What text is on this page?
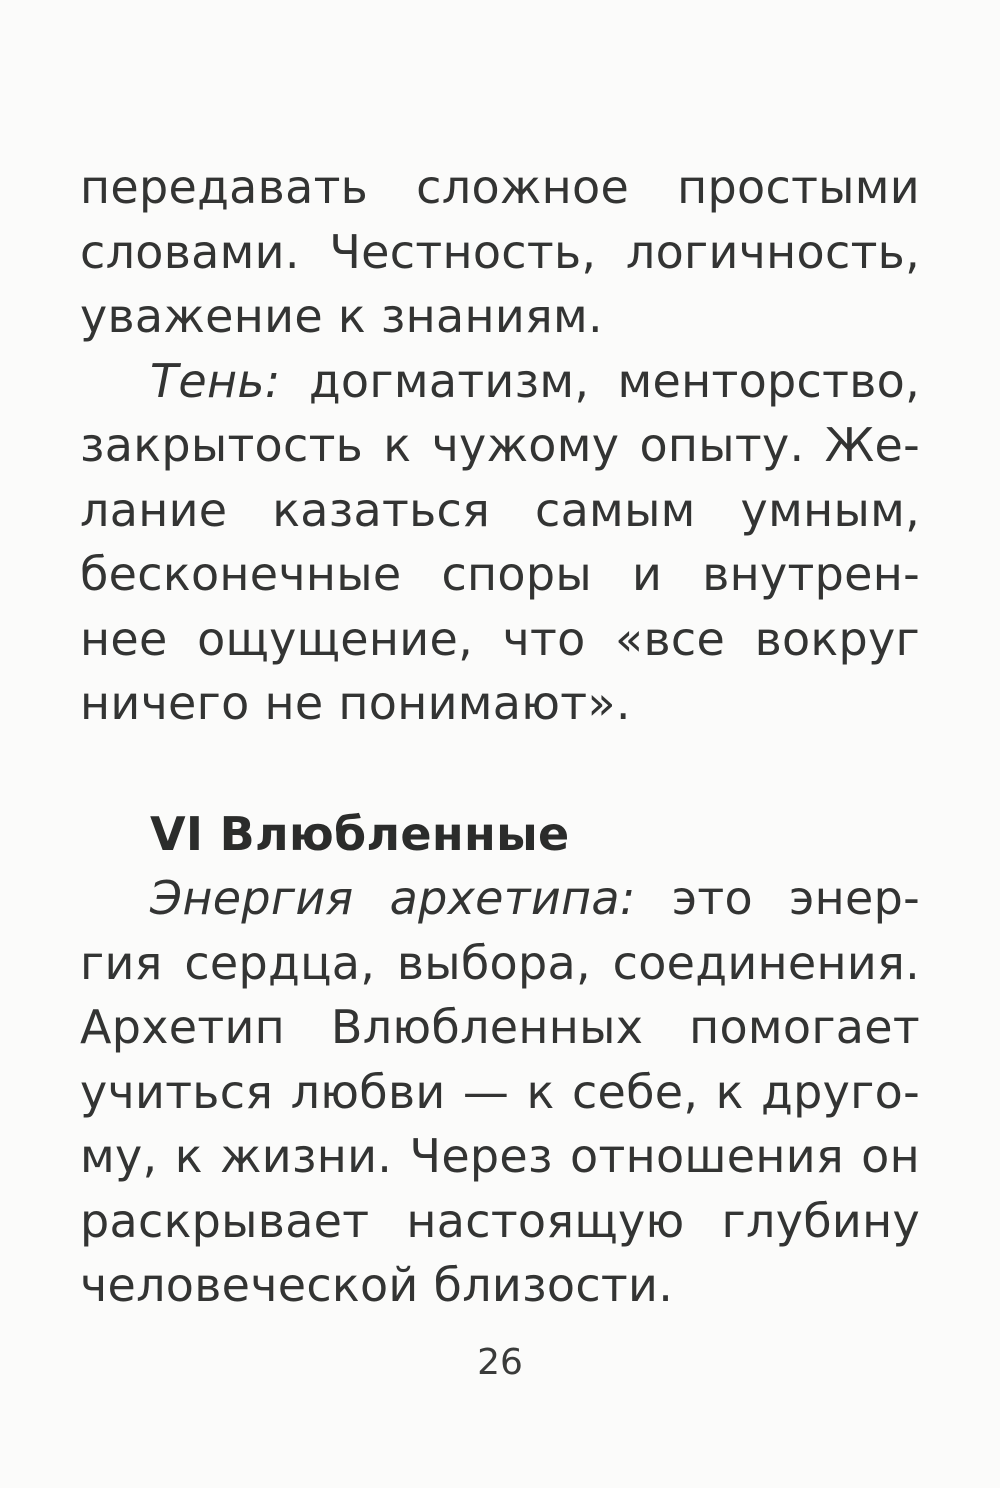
передавать сложное простыми
словами. Честность, логичность,
уважение к знаниям.
Тень: догматизм, менторство,
закрытость к чужому опыту. Же-
лание казаться самым умным,
бесконечные споры и внутрен-
нее ощущение, что «все вокруг
ничего не понимают».
VI Влюбленные
Энергия архетипа: это энер-
гия сердца, выбора, соединения.
Архетип Влюбленных помогает
учиться любви — к себе, к друго-
му, к жизни. Через отношения он
раскрывает настоящую глубину
человеческой близости.
26
